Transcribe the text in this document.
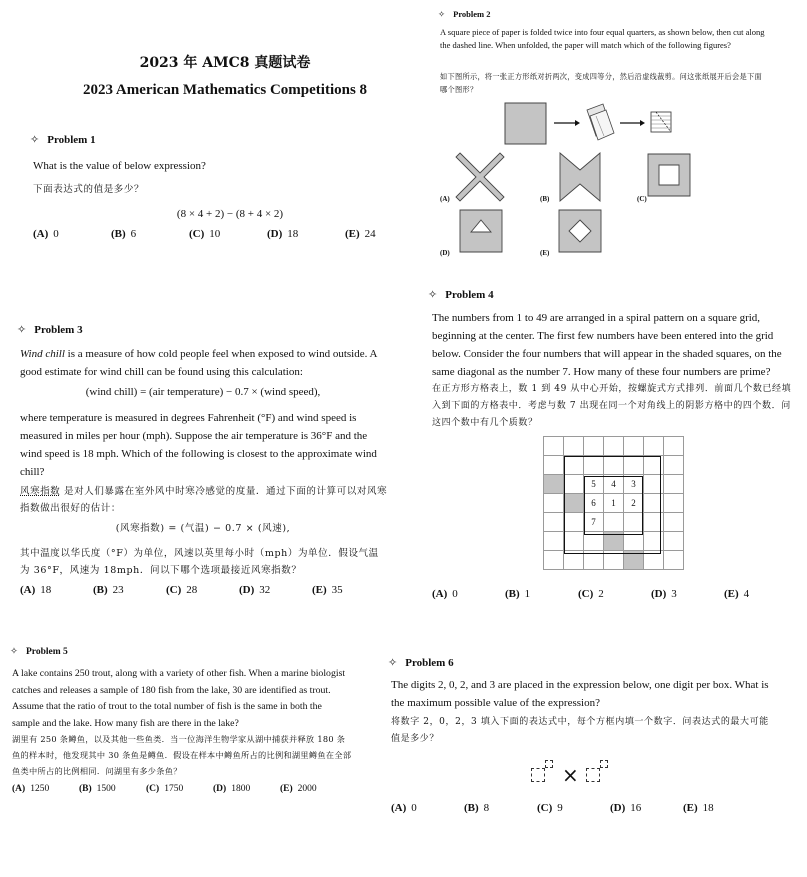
2023 年 AMC8 真题试卷
2023 American Mathematics Competitions 8
✧ Problem 1
What is the value of below expression?
下面表达式的值是多少？
(8 × 4 + 2) − (8 + 4 × 2)
(A) 0	(B) 6	(C) 10	(D) 18	(E) 24
✧ Problem 2
A square piece of paper is folded twice into four equal quarters, as shown below, then cut along the dashed line. When unfolded, the paper will match which of the following figures?
如下图所示，将一张正方形纸对折两次，变成四等分，然后沿虚线裁剪。问这张纸展开后会是下面哪个图形？
(A)	(B)	(C)
(D)	(E)
✧ Problem 3
Wind chill is a measure of how cold people feel when exposed to wind outside. A good estimate for wind chill can be found using this calculation:
(wind chill) = (air temperature) − 0.7 × (wind speed),
where temperature is measured in degrees Fahrenheit (°F) and wind speed is measured in miles per hour (mph). Suppose the air temperature is 36°F and the wind speed is 18 mph. Which of the following is closest to the approximate wind chill?
风寒指数 是对人们暴露在室外风中时寒冷感觉的度量．通过下面的计算可以对风寒指数做出很好的估计：
(风寒指数) = (气温) − 0.7 × (风速),
其中温度以华氏度（°F）为单位，风速以英里每小时（mph）为单位．假设气温为 36°F，风速为 18mph．问以下哪个选项最接近风寒指数？
(A) 18	(B) 23	(C) 28	(D) 32	(E) 35
✧ Problem 4
The numbers from 1 to 49 are arranged in a spiral pattern on a square grid, beginning at the center. The first few numbers have been entered into the grid below. Consider the four numbers that will appear in the shaded squares, on the same diagonal as the number 7. How many of these four numbers are prime?
在正方形方格表上，数 1 到 49 从中心开始，按螺旋式方式排列．前面几个数已经填入到下面的方格表中．考虑与数 7 出现在同一个对角线上的阴影方格中的四个数．问这四个数中有几个质数？

		5	4	3		
		6	1	2		
		7				

(A) 0	(B) 1	(C) 2	(D) 3	(E) 4
✧ Problem 5
A lake contains 250 trout, along with a variety of other fish. When a marine biologist catches and releases a sample of 180 fish from the lake, 30 are identified as trout. Assume that the ratio of trout to the total number of fish is the same in both the sample and the lake. How many fish are there in the lake?
湖里有 250 条鳟鱼，以及其他一些鱼类．当一位海洋生物学家从湖中捕获并释放 180 条鱼的样本时，他发现其中 30 条鱼是鳟鱼．假设在样本中鳟鱼所占的比例和湖里鳟鱼在全部鱼类中所占的比例相同．问湖里有多少条鱼？
(A) 1250	(B) 1500	(C) 1750	(D) 1800	(E) 2000
✧ Problem 6
The digits 2, 0, 2, and 3 are placed in the expression below, one digit per box. What is the maximum possible value of the expression?
将数字 2，0，2，3 填入下面的表达式中，每个方框内填一个数字．问表达式的最大可能值是多少？
×
(A) 0	(B) 8	(C) 9	(D) 16	(E) 18
